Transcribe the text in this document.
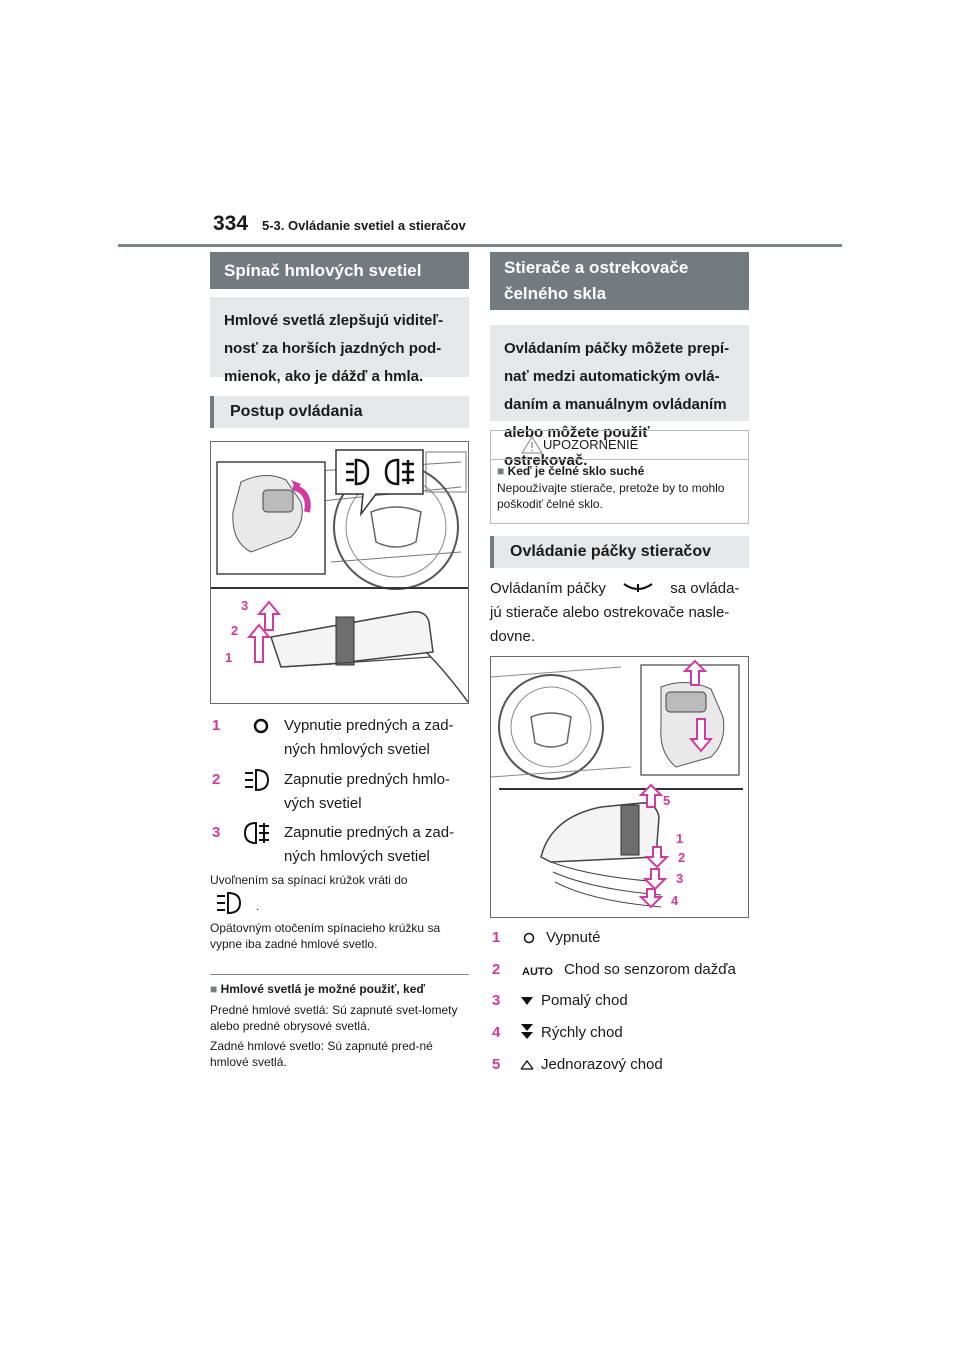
334 5-3. Ovládanie svetiel a stieračov
Spínač hmlových svetiel
Hmlové svetlá zlepšujú viditeľ-nosť za horších jazdných pod-mienok, ako je dážď a hmla.
Postup ovládania
3
2
1
1	Vypnutie predných a zad-ných hmlových svetiel
2	Zapnutie predných hmlo-vých svetiel
3	Zapnutie predných a zad-ných hmlových svetiel
Uvoľnením sa spínací krúžok vráti do
.
Opätovným otočením spínacieho krúžku sa vypne iba zadné hmlové svetlo.
■ Hmlové svetlá je možné použiť, keď
Predné hmlové svetlá: Sú zapnuté svet-lomety alebo predné obrysové svetlá.
Zadné hmlové svetlo: Sú zapnuté pred-né hmlové svetlá.
Stierače a ostrekovače čelného skla
Ovládaním páčky môžete prepí-nať medzi automatickým ovlá-daním a manuálnym ovládaním alebo môžete použiť ostrekovač.
UPOZORNENIE
■ Keď je čelné sklo suché
Nepoužívajte stierače, pretože by to mohlo poškodiť čelné sklo.
Ovládanie páčky stieračov
Ovládaním páčky	sa ovláda-
jú stierače alebo ostrekovače nasle-dovne.
5
1
2
3
4
1	Vypnuté
2 AUTO Chod so senzorom dažďa
3	Pomalý chod
4	Rýchly chod
5	Jednorazový chod
